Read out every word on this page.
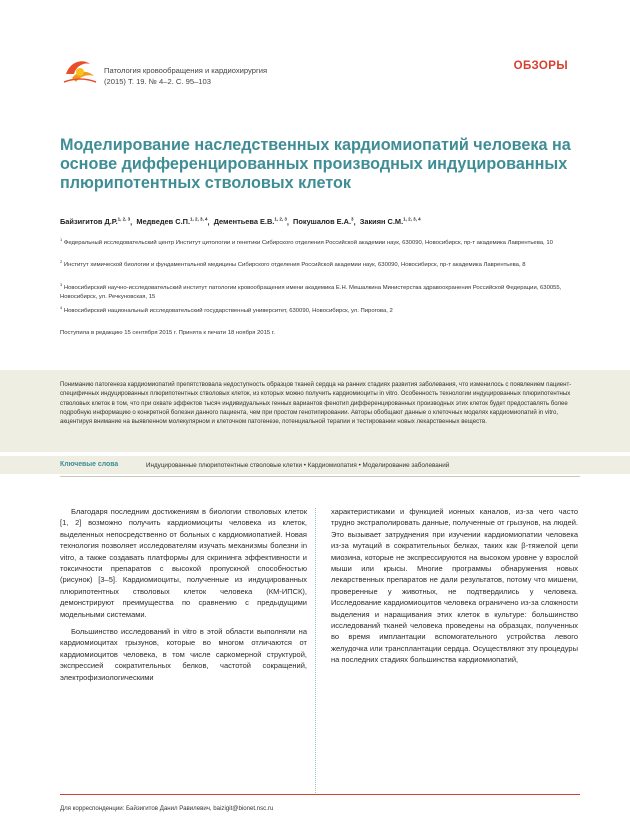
Патология кровообращения и кардиохирургия
(2015) Т. 19. № 4–2. С. 95–103
ОБЗОРЫ
Моделирование наследственных кардиомиопатий человека на основе дифференцированных производных индуцированных плюрипотентных стволовых клеток
Байзигитов Д.Р.$^{1, 2, 3}$,  Медведев С.П.$^{1, 2, 3, 4}$,  Дементьева Е.В.$^{1, 2, 3}$,  Покушалов Е.А.$^3$,  Закиян С.М.$^{1, 2, 3, 4}$
$^1$ Федеральный исследовательский центр Институт цитологии и генетики Сибирского отделения Российской академии наук, 630090, Новосибирск, пр-т академика Лаврентьева, 10
$^2$ Институт химической биологии и фундаментальной медицины Сибирского отделения Российской академии наук, 630090, Новосибирск, пр-т академика Лаврентьева, 8
$^3$ Новосибирский научно-исследовательский институт патологии кровообращения имени академика Е.Н. Мешалкина Министерства здравоохранения Российской Федерации, 630055, Новосибирск, ул. Речкуновская, 15
$^4$ Новосибирский национальный исследовательский государственный университет, 630090, Новосибирск, ул. Пирогова, 2
Поступила в редакцию 15 сентября 2015 г. Принята к печати 18 ноября 2015 г.
Пониманию патогенеза кардиомиопатий препятствовала недоступность образцов тканей сердца на ранних стадиях развития заболевания, что изменилось с появлением пациент-специфичных индуцированных плюрипотентных стволовых клеток, из которых можно получить кардиомиоциты in vitro. Особенность технологии индуцированных плюрипотентных стволовых клеток в том, что при охвате эффектов тысяч индивидуальных генных вариантов фенотип дифференцированных производных этих клеток будет предоставлять более подробную информацию о конкретной болезни данного пациента, чем при простом генотипировании. Авторы обобщают данные о клеточных моделях кардиомиопатий in vitro, акцентируя внимание на выявленном молекулярном и клеточном патогенезе, потенциальной терапии и тестировании новых лекарственных веществ.
Ключевые слова	Индуцированные плюрипотентные стволовые клетки • Кардиомиопатия • Моделирование заболеваний

Благодаря последним достижениям в биологии стволовых клеток [1, 2] возможно получить кардиомиоциты человека из клеток, выделенных непосредственно от больных с кардиомиопатией. Новая технология позволяет исследователям изучать механизмы болезни in vitro, а также создавать платформы для скрининга эффективности и токсичности препаратов с высокой пропускной способностью (рисунок) [3–5]. Кардиомиоциты, полученные из индуцированных плюрипотентных стволовых клеток человека (КМ-ИПСК), демонстрируют преимущества по сравнению с предыдущими модельными системами.

Большинство исследований in vitro в этой области выполняли на кардиомиоцитах грызунов, которые во многом отличаются от кардиомиоцитов человека, в том числе саркомерной структурой, экспрессией сократительных белков, частотой сокращений, электрофизиологическими

характеристиками и функцией ионных каналов, из-за чего часто трудно экстраполировать данные, полученные от грызунов, на людей. Это вызывает затруднения при изучении кардиомиопатии человека из-за мутаций в сократительных белках, таких как β-тяжелой цепи миозина, которые не экспрессируются на высоком уровне у взрослой мыши или крысы. Многие программы обнаружения новых лекарственных препаратов не дали результатов, потому что мишени, проверенные у животных, не подтвердились у человека. Исследование кардиомиоцитов человека ограничено из-за сложности выделения и наращивания этих клеток в культуре: большинство исследований тканей человека проведены на образцах, полученных во время имплантации вспомогательного устройства левого желудочка или трансплантации сердца. Осуществляют эту процедуры на последних стадиях большинства кардиомиопатий,

Для корреспонденции: Байзигитов Данил Равилевич, baizigit@bionet.nsc.ru
